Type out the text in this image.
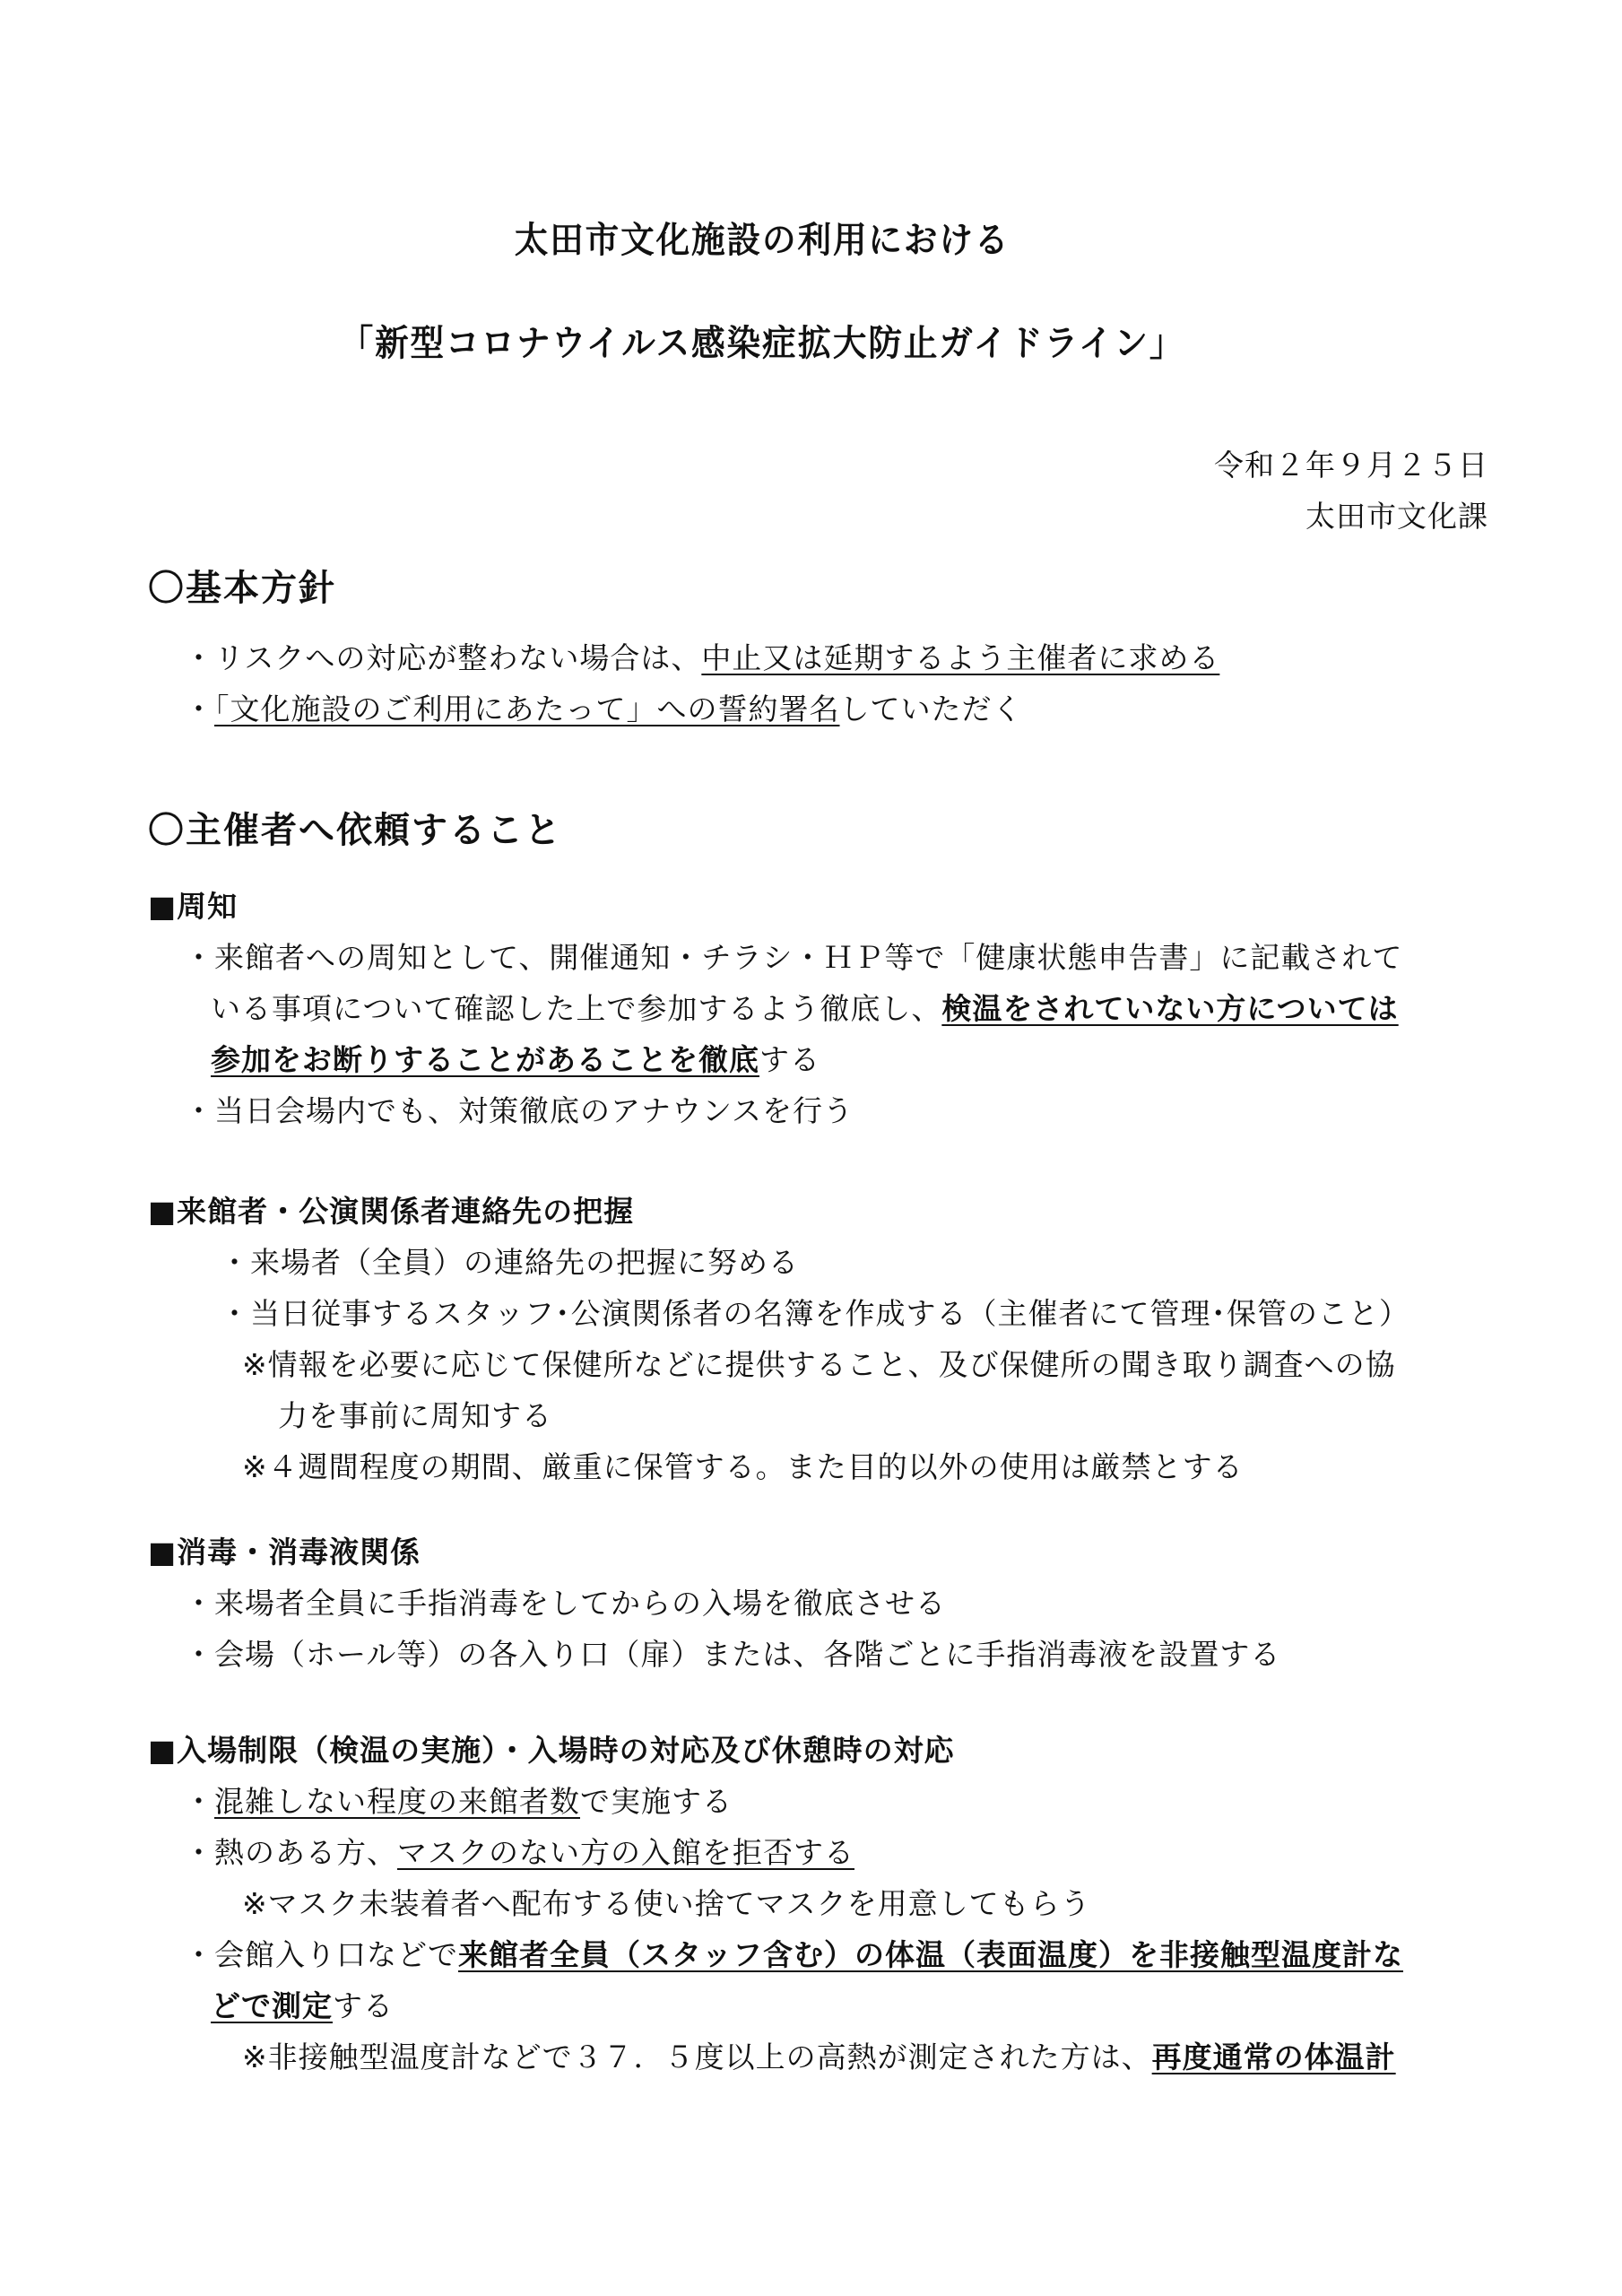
太田市文化施設の利用における
「新型コロナウイルス感染症拡大防止ガイドライン」
令和２年９月２５日
太田市文化課
〇基本方針
・リスクへの対応が整わない場合は、中止又は延期するよう主催者に求める
・「文化施設のご利用にあたって」への誓約署名していただく
〇主催者へ依頼すること
■周知
・来館者への周知として、開催通知・チラシ・ＨＰ等で「健康状態申告書」に記載されて
いる事項について確認した上で参加するよう徹底し、検温をされていない方については
参加をお断りすることがあることを徹底する
・当日会場内でも、対策徹底のアナウンスを行う
■来館者・公演関係者連絡先の把握
・来場者（全員）の連絡先の把握に努める
・当日従事するスタッフ･公演関係者の名簿を作成する（主催者にて管理･保管のこと）
※情報を必要に応じて保健所などに提供すること、及び保健所の聞き取り調査への協
力を事前に周知する
※４週間程度の期間、厳重に保管する。また目的以外の使用は厳禁とする
■消毒・消毒液関係
・来場者全員に手指消毒をしてからの入場を徹底させる
・会場（ホール等）の各入り口（扉）または、各階ごとに手指消毒液を設置する
■入場制限（検温の実施）・入場時の対応及び休憩時の対応
・混雑しない程度の来館者数で実施する
・熱のある方、マスクのない方の入館を拒否する
※マスク未装着者へ配布する使い捨てマスクを用意してもらう
・会館入り口などで来館者全員（スタッフ含む）の体温（表面温度）を非接触型温度計な
どで測定する
※非接触型温度計などで３７．５度以上の高熱が測定された方は、再度通常の体温計
